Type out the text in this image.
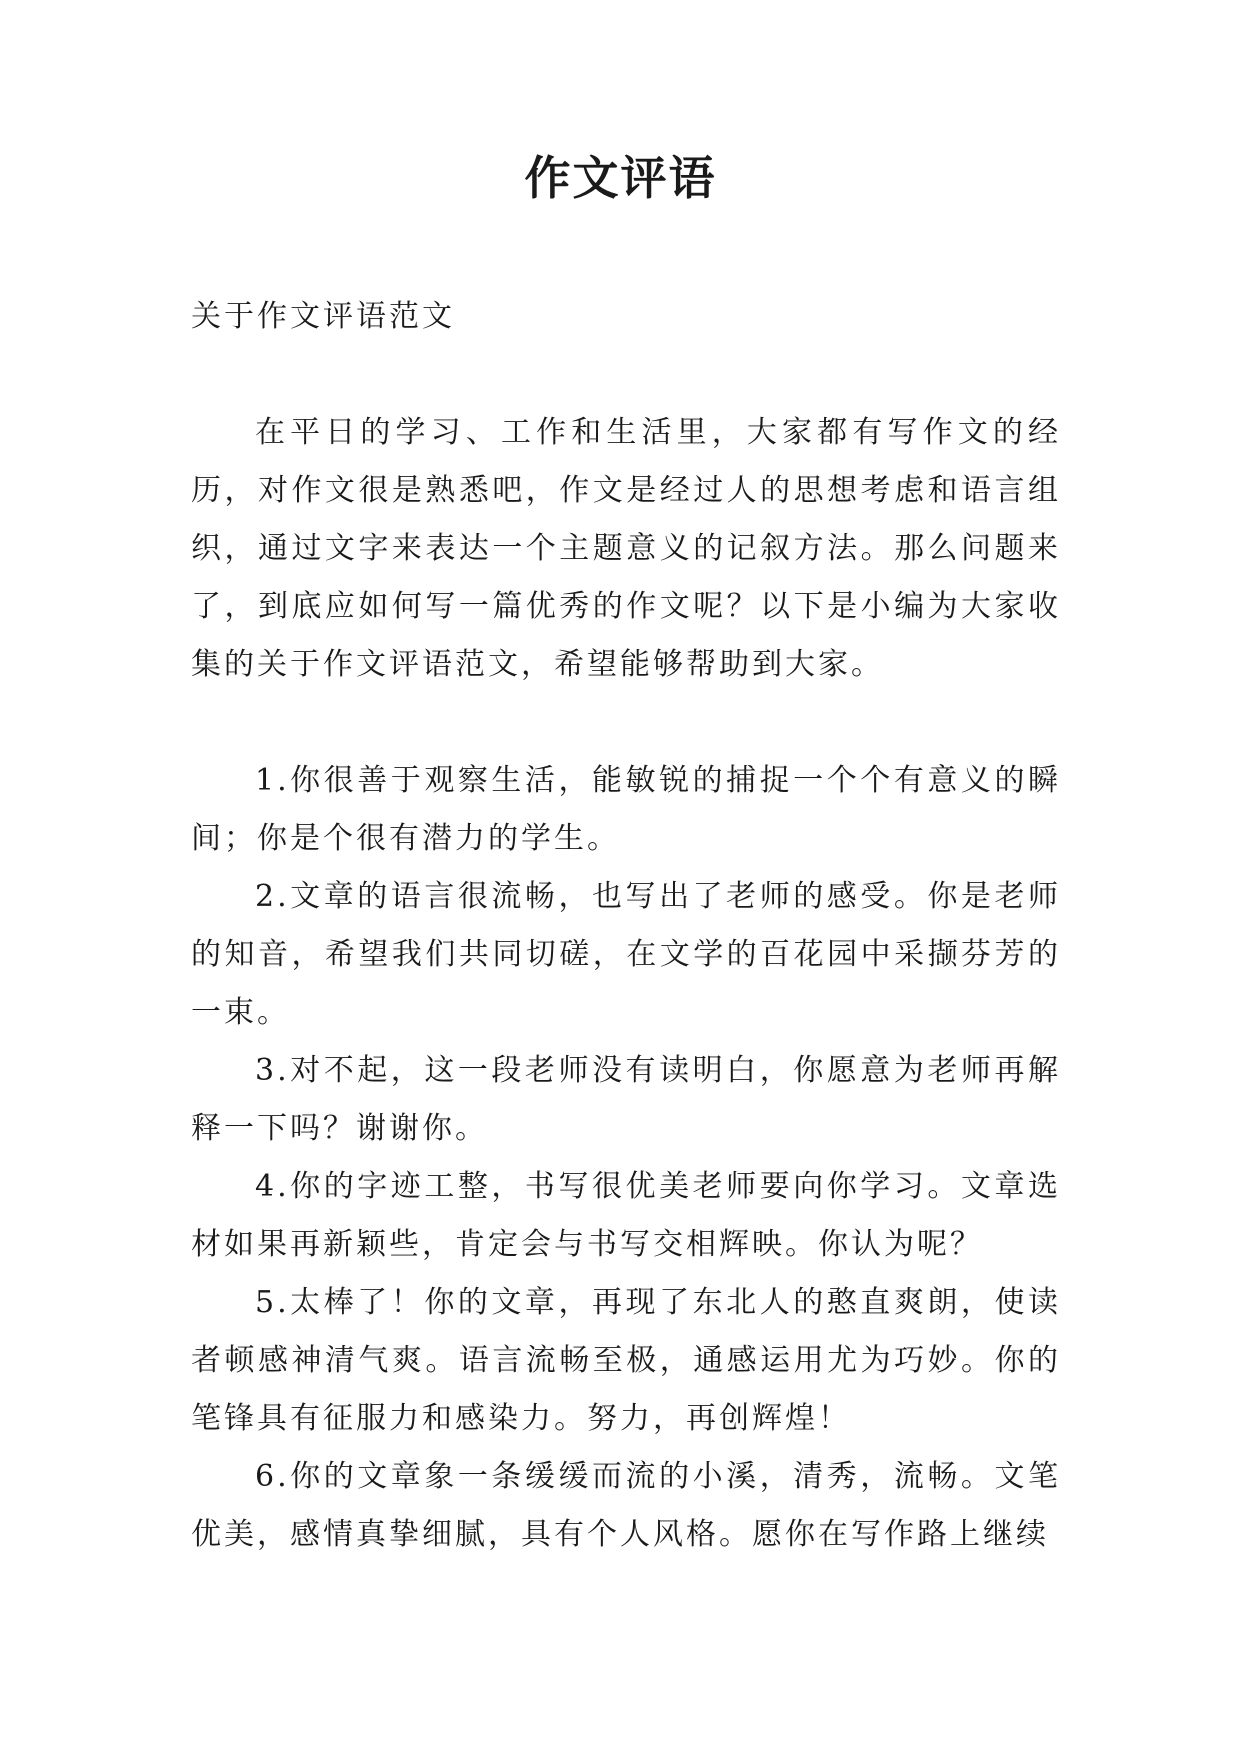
作文评语

关于作文评语范文

在平日的学习、工作和生活里，大家都有写作文的经历，对作文很是熟悉吧，作文是经过人的思想考虑和语言组织，通过文字来表达一个主题意义的记叙方法。那么问题来了，到底应如何写一篇优秀的作文呢？以下是小编为大家收集的关于作文评语范文，希望能够帮助到大家。

1.你很善于观察生活，能敏锐的捕捉一个个有意义的瞬间；你是个很有潜力的学生。

2.文章的语言很流畅，也写出了老师的感受。你是老师的知音，希望我们共同切磋，在文学的百花园中采撷芬芳的一束。

3.对不起，这一段老师没有读明白，你愿意为老师再解释一下吗？谢谢你。

4.你的字迹工整，书写很优美老师要向你学习。文章选材如果再新颖些，肯定会与书写交相辉映。你认为呢？

5.太棒了！你的文章，再现了东北人的憨直爽朗，使读者顿感神清气爽。语言流畅至极，通感运用尤为巧妙。你的笔锋具有征服力和感染力。努力，再创辉煌！

6.你的文章象一条缓缓而流的小溪，清秀，流畅。文笔优美，感情真挚细腻，具有个人风格。愿你在写作路上继续
